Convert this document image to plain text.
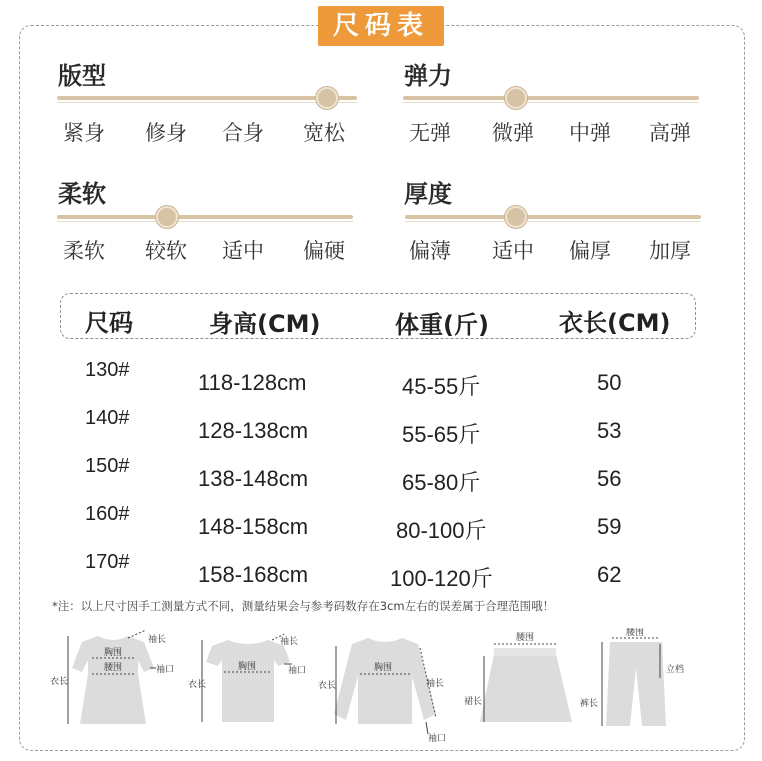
尺码表
版型
紧身 修身 合身 宽松
弹力
无弹 微弹 中弹 高弹
柔软
柔软 较软 适中 偏硬
厚度
偏薄 适中 偏厚 加厚
尺码	身高(CM)	体重(斤)	衣长(CM)
130#	118-128cm	45-55斤	50
140#	128-138cm	55-65斤	53
150#	138-148cm	65-80斤	56
160#	148-158cm	80-100斤	59
170#	158-168cm	100-120斤	62
*注：以上尺寸因手工测量方式不同，测量结果会与参考码数存在3cm左右的误差属于合理范围哦！
胸围
腰围
衣长
袖长
袖口	胸围
衣长
袖长
袖口	胸围
衣长	袖长
袖口
腰围
裙长
腰围
裤长
立档
